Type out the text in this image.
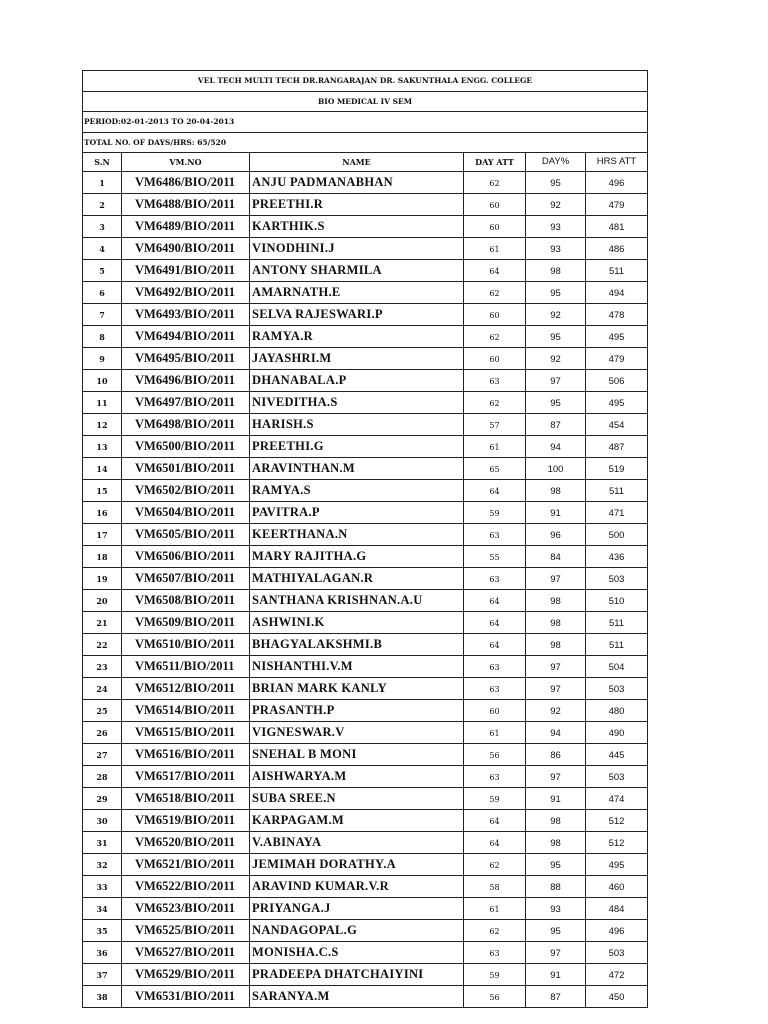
VEL TECH MULTI TECH DR.RANGARAJAN DR. SAKUNTHALA ENGG. COLLEGE					
BIO MEDICAL IV SEM					
PERIOD:02-01-2013 TO 20-04-2013					
TOTAL NO. OF DAYS/HRS: 65/520					
S.N	VM.NO	NAME	DAY ATT	DAY%	HRS ATT
1	VM6486/BIO/2011	ANJU PADMANABHAN	62	95	496
2	VM6488/BIO/2011	PREETHI.R	60	92	479
3	VM6489/BIO/2011	KARTHIK.S	60	93	481
4	VM6490/BIO/2011	VINODHINI.J	61	93	486
5	VM6491/BIO/2011	ANTONY SHARMILA	64	98	511
6	VM6492/BIO/2011	AMARNATH.E	62	95	494
7	VM6493/BIO/2011	SELVA RAJESWARI.P	60	92	478
8	VM6494/BIO/2011	RAMYA.R	62	95	495
9	VM6495/BIO/2011	JAYASHRI.M	60	92	479
10	VM6496/BIO/2011	DHANABALA.P	63	97	506
11	VM6497/BIO/2011	NIVEDITHA.S	62	95	495
12	VM6498/BIO/2011	HARISH.S	57	87	454
13	VM6500/BIO/2011	PREETHI.G	61	94	487
14	VM6501/BIO/2011	ARAVINTHAN.M	65	100	519
15	VM6502/BIO/2011	RAMYA.S	64	98	511
16	VM6504/BIO/2011	PAVITRA.P	59	91	471
17	VM6505/BIO/2011	KEERTHANA.N	63	96	500
18	VM6506/BIO/2011	MARY RAJITHA.G	55	84	436
19	VM6507/BIO/2011	MATHIYALAGAN.R	63	97	503
20	VM6508/BIO/2011	SANTHANA KRISHNAN.A.U	64	98	510
21	VM6509/BIO/2011	ASHWINI.K	64	98	511
22	VM6510/BIO/2011	BHAGYALAKSHMI.B	64	98	511
23	VM6511/BIO/2011	NISHANTHI.V.M	63	97	504
24	VM6512/BIO/2011	BRIAN MARK KANLY	63	97	503
25	VM6514/BIO/2011	PRASANTH.P	60	92	480
26	VM6515/BIO/2011	VIGNESWAR.V	61	94	490
27	VM6516/BIO/2011	SNEHAL B MONI	56	86	445
28	VM6517/BIO/2011	AISHWARYA.M	63	97	503
29	VM6518/BIO/2011	SUBA SREE.N	59	91	474
30	VM6519/BIO/2011	KARPAGAM.M	64	98	512
31	VM6520/BIO/2011	V.ABINAYA	64	98	512
32	VM6521/BIO/2011	JEMIMAH DORATHY.A	62	95	495
33	VM6522/BIO/2011	ARAVIND KUMAR.V.R	58	88	460
34	VM6523/BIO/2011	PRIYANGA.J	61	93	484
35	VM6525/BIO/2011	NANDAGOPAL.G	62	95	496
36	VM6527/BIO/2011	MONISHA.C.S	63	97	503
37	VM6529/BIO/2011	PRADEEPA DHATCHAIYINI	59	91	472
38	VM6531/BIO/2011	SARANYA.M	56	87	450
